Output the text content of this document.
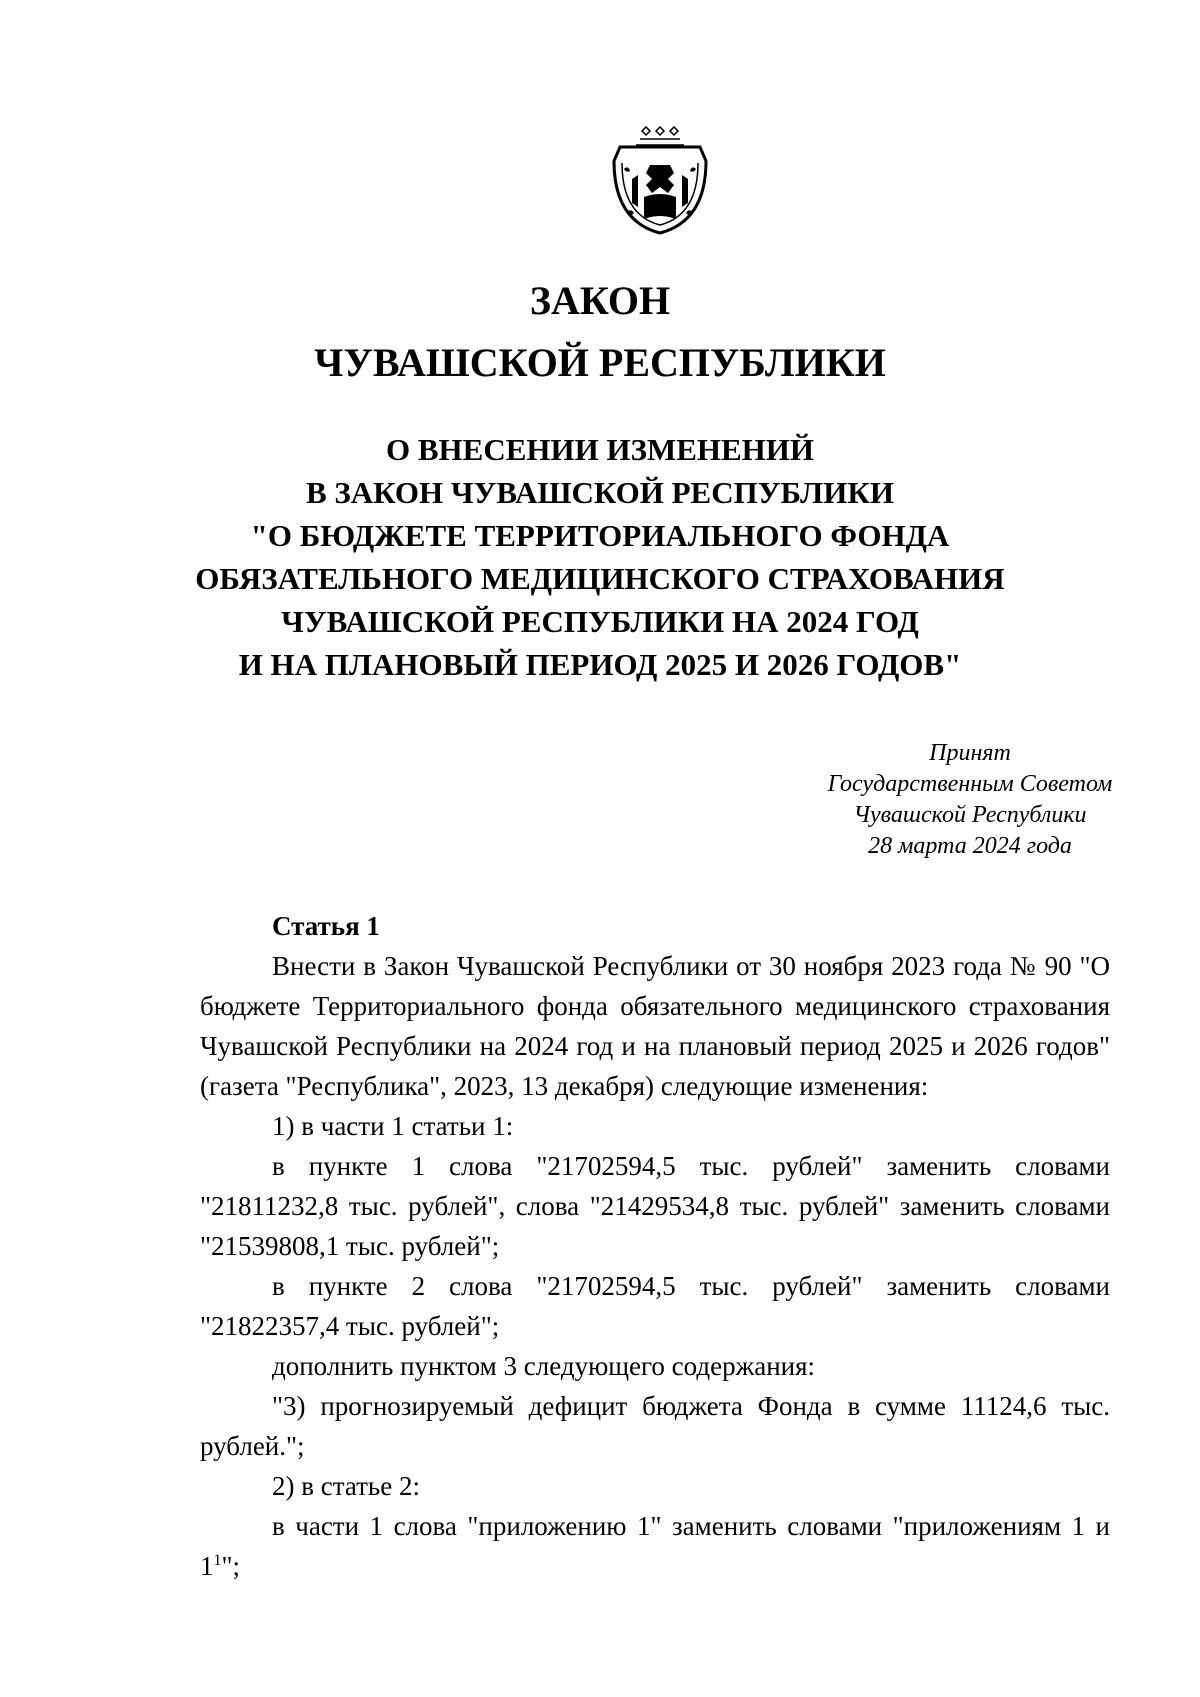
ЗАКОН
ЧУВАШСКОЙ РЕСПУБЛИКИ
О ВНЕСЕНИИ ИЗМЕНЕНИЙ
В ЗАКОН ЧУВАШСКОЙ РЕСПУБЛИКИ
"О БЮДЖЕТЕ ТЕРРИТОРИАЛЬНОГО ФОНДА
ОБЯЗАТЕЛЬНОГО МЕДИЦИНСКОГО СТРАХОВАНИЯ
ЧУВАШСКОЙ РЕСПУБЛИКИ НА 2024 ГОД
И НА ПЛАНОВЫЙ ПЕРИОД 2025 И 2026 ГОДОВ"
Принят
Государственным Советом
Чувашской Республики
28 марта 2024 года
Статья 1
Внести в Закон Чувашской Республики от 30 ноября 2023 года № 90 "О бюджете Территориального фонда обязательного медицинского страхования Чувашской Республики на 2024 год и на плановый период 2025 и 2026 годов" (газета "Республика", 2023, 13 декабря) следующие изменения:
1) в части 1 статьи 1:
в пункте 1 слова "21702594,5 тыс. рублей" заменить словами "21811232,8 тыс. рублей", слова "21429534,8 тыс. рублей" заменить словами "21539808,1 тыс. рублей";
в пункте 2 слова "21702594,5 тыс. рублей" заменить словами "21822357,4 тыс. рублей";
дополнить пунктом 3 следующего содержания:
"3) прогнозируемый дефицит бюджета Фонда в сумме 11124,6 тыс. рублей.";
2) в статье 2:
в части 1 слова "приложению 1" заменить словами "приложениям 1 и $1^1$";
